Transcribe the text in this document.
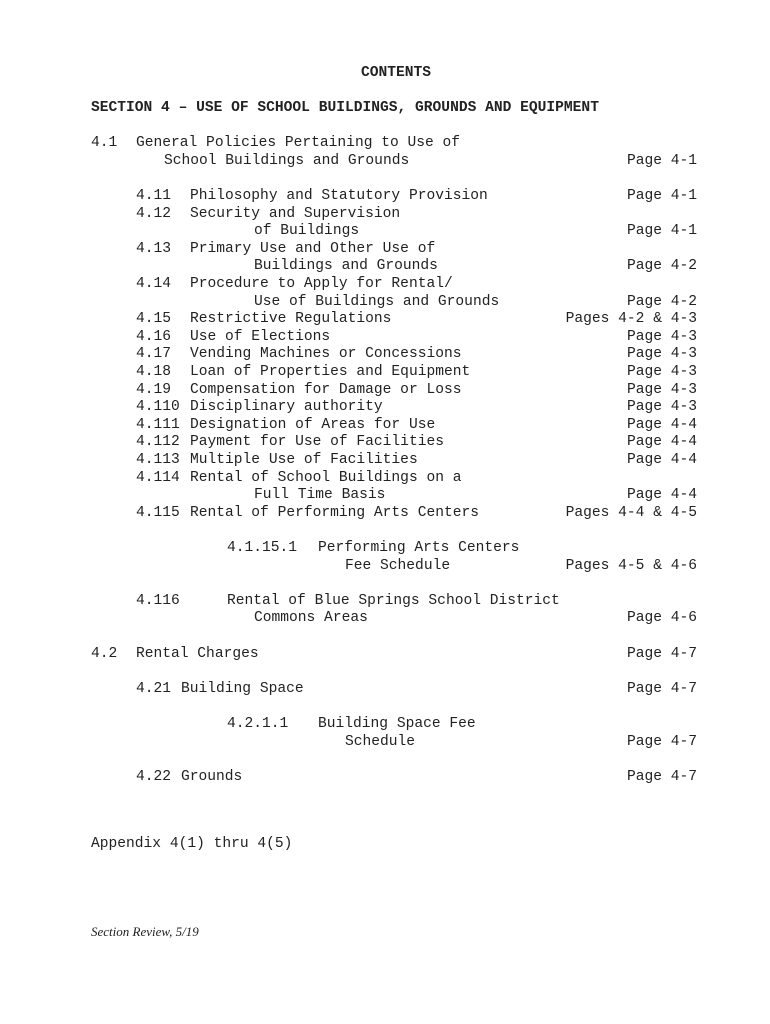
CONTENTS
SECTION 4 – USE OF SCHOOL BUILDINGS, GROUNDS AND EQUIPMENT
4.1 General Policies Pertaining to Use of
School Buildings and Grounds	Page 4-1
4.11 Philosophy and Statutory Provision	Page 4-1
4.12 Security and Supervision
of Buildings	Page 4-1
4.13 Primary Use and Other Use of
Buildings and Grounds	Page 4-2
4.14 Procedure to Apply for Rental/
Use of Buildings and Grounds	Page 4-2
4.15 Restrictive Regulations	Pages 4-2 & 4-3
4.16 Use of Elections	Page 4-3
4.17 Vending Machines or Concessions	Page 4-3
4.18 Loan of Properties and Equipment	Page 4-3
4.19 Compensation for Damage or Loss	Page 4-3
4.110 Disciplinary authority	Page 4-3
4.111 Designation of Areas for Use	Page 4-4
4.112 Payment for Use of Facilities	Page 4-4
4.113 Multiple Use of Facilities	Page 4-4
4.114 Rental of School Buildings on a
Full Time Basis	Page 4-4
4.115 Rental of Performing Arts Centers	Pages 4-4 & 4-5
4.1.15.1 Performing Arts Centers
Fee Schedule	Pages 4-5 & 4-6
4.116	Rental of Blue Springs School District
Commons Areas	Page 4-6
4.2 Rental Charges	Page 4-7
4.21 Building Space	Page 4-7
4.2.1.1 Building Space Fee
Schedule	Page 4-7
4.22 Grounds	Page 4-7
Appendix 4(1) thru 4(5)
Section Review, 5/19
